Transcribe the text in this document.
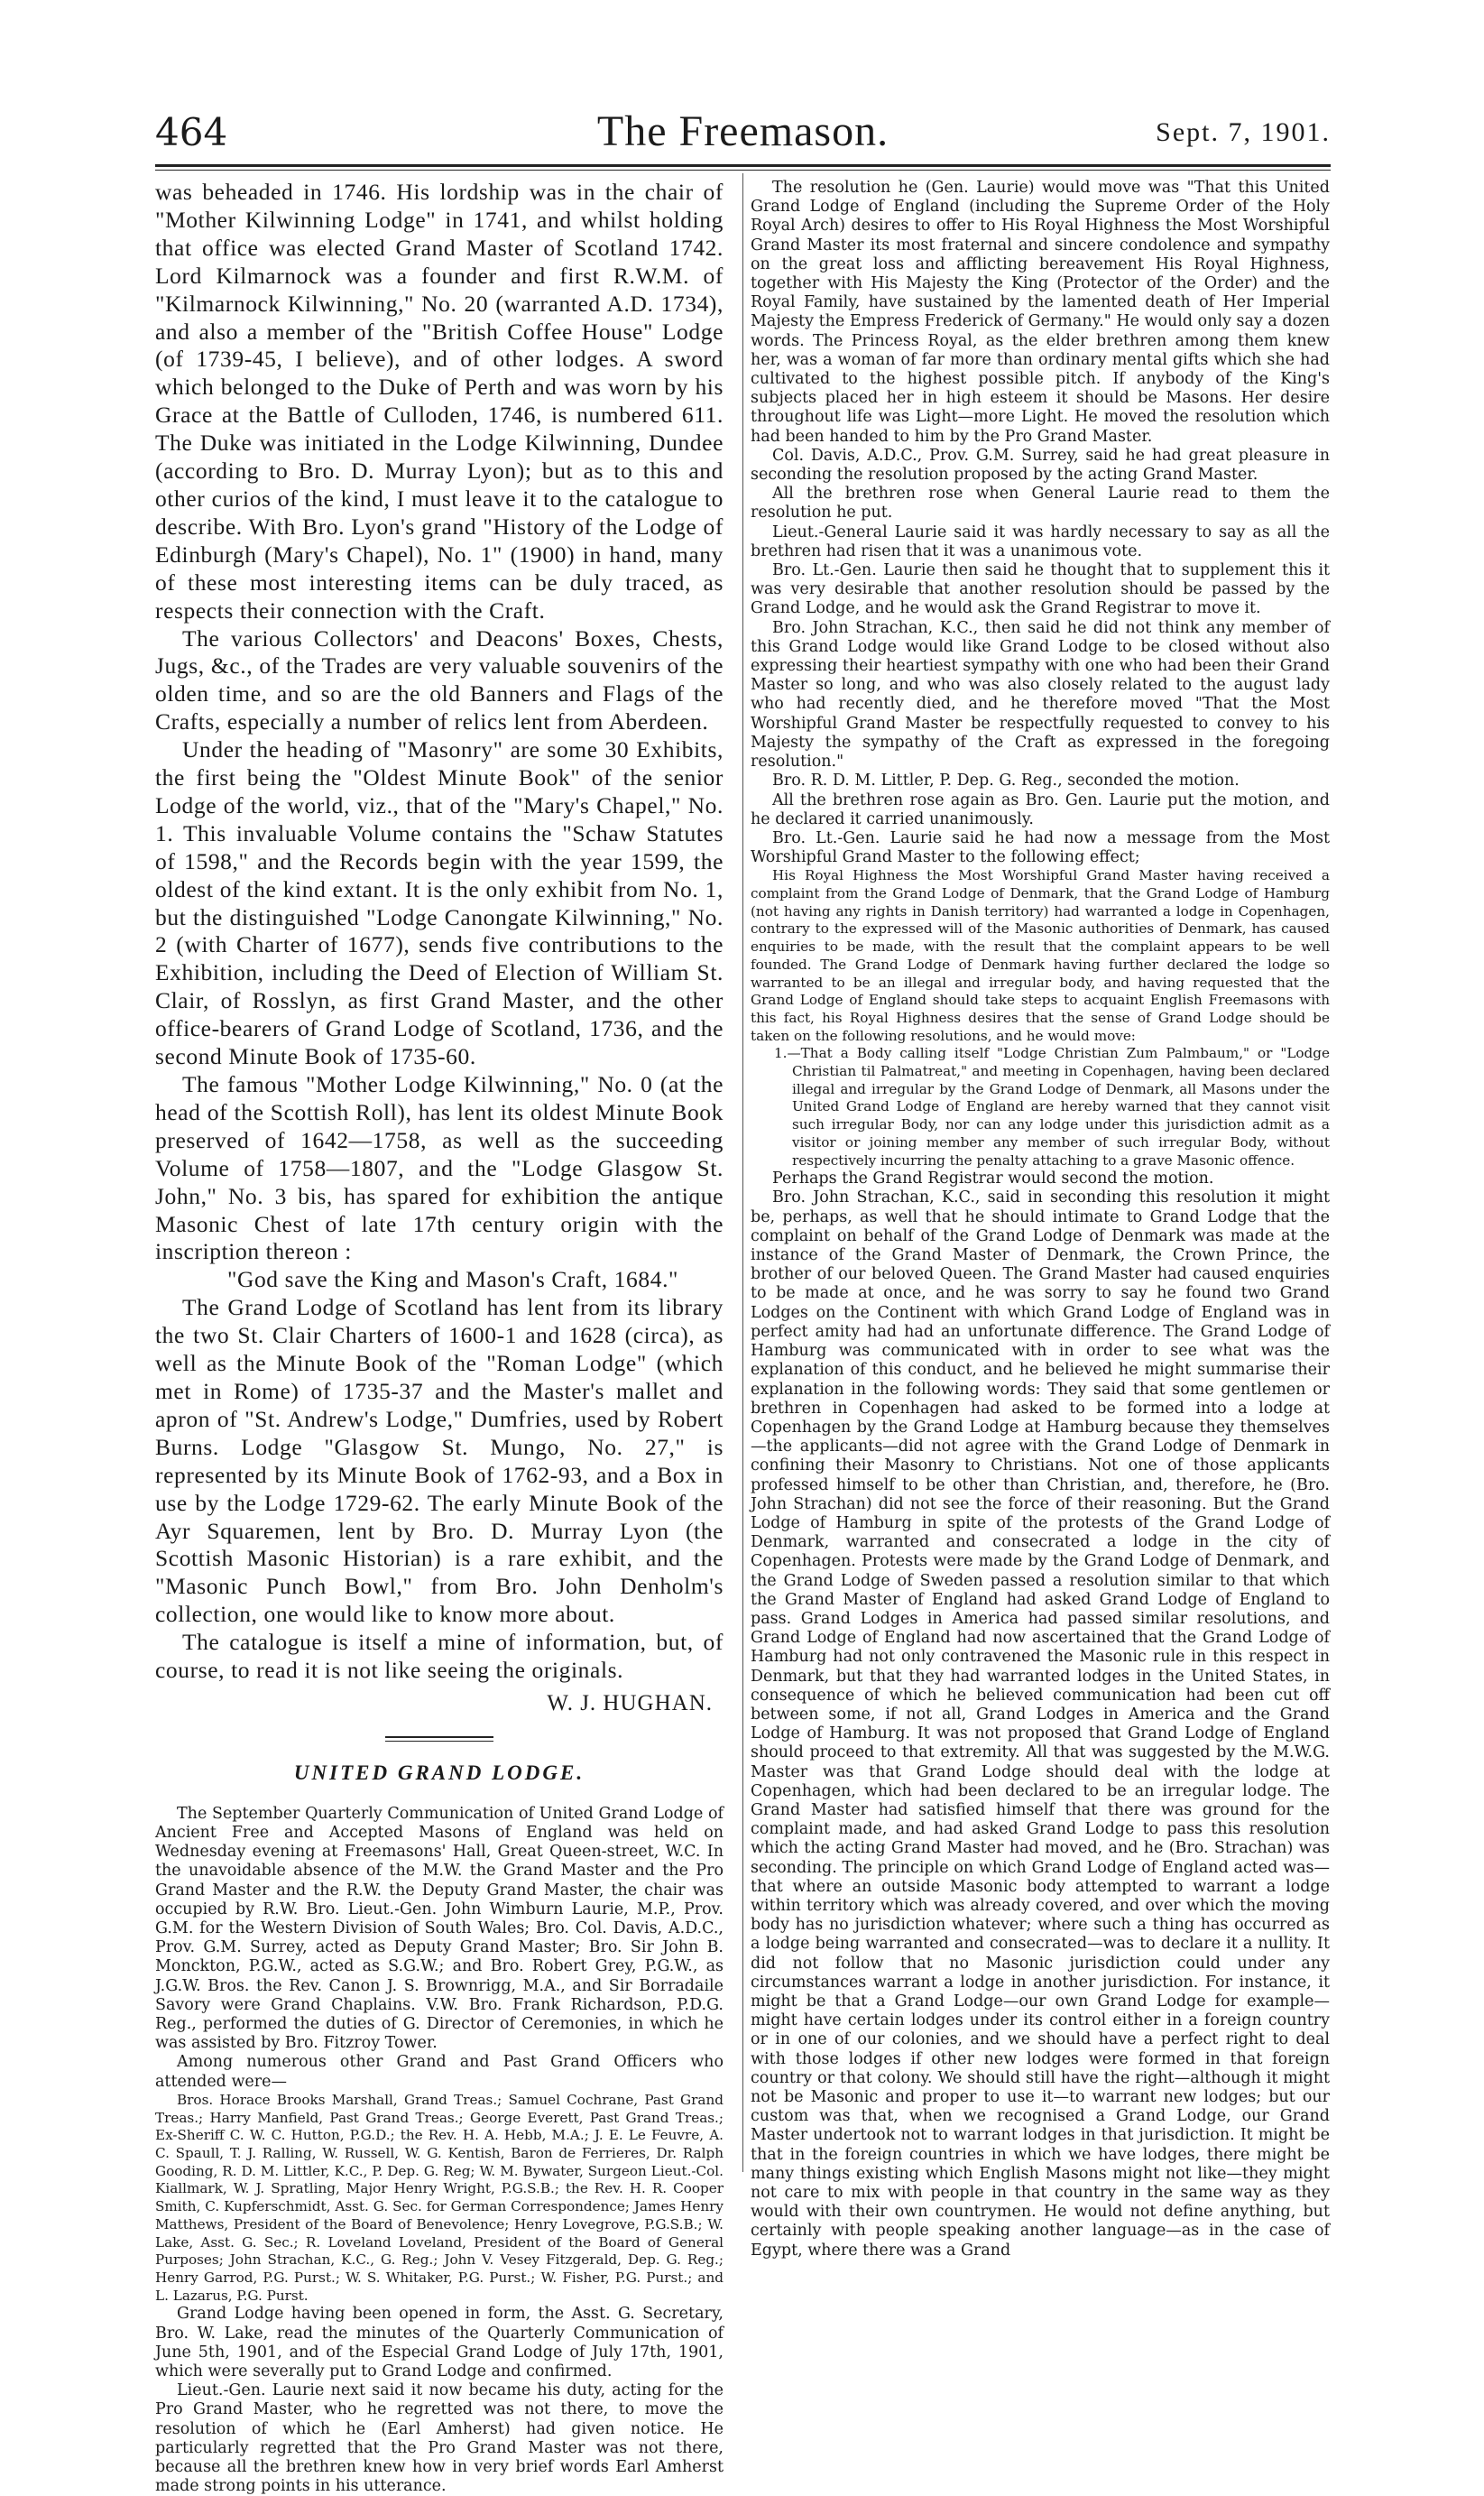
464	The Freemason.	Sept. 7, 1901.

was beheaded in 1746. His lordship was in the chair of "Mother Kilwinning Lodge" in 1741, and whilst holding that office was elected Grand Master of Scotland 1742. Lord Kilmarnock was a founder and first R.W.M. of "Kilmarnock Kilwinning," No. 20 (warranted A.D. 1734), and also a member of the "British Coffee House" Lodge (of 1739-45, I believe), and of other lodges. A sword which belonged to the Duke of Perth and was worn by his Grace at the Battle of Culloden, 1746, is numbered 611. The Duke was initiated in the Lodge Kilwinning, Dundee (according to Bro. D. Murray Lyon); but as to this and other curios of the kind, I must leave it to the catalogue to describe. With Bro. Lyon's grand "History of the Lodge of Edinburgh (Mary's Chapel), No. 1" (1900) in hand, many of these most interesting items can be duly traced, as respects their connection with the Craft.

The various Collectors' and Deacons' Boxes, Chests, Jugs, &c., of the Trades are very valuable souvenirs of the olden time, and so are the old Banners and Flags of the Crafts, especially a number of relics lent from Aberdeen.

Under the heading of "Masonry" are some 30 Exhibits, the first being the "Oldest Minute Book" of the senior Lodge of the world, viz., that of the "Mary's Chapel," No. 1. This invaluable Volume contains the "Schaw Statutes of 1598," and the Records begin with the year 1599, the oldest of the kind extant. It is the only exhibit from No. 1, but the distinguished "Lodge Canongate Kilwinning," No. 2 (with Charter of 1677), sends five contributions to the Exhibition, including the Deed of Election of William St. Clair, of Rosslyn, as first Grand Master, and the other office-bearers of Grand Lodge of Scotland, 1736, and the second Minute Book of 1735-60.

The famous "Mother Lodge Kilwinning," No. 0 (at the head of the Scottish Roll), has lent its oldest Minute Book preserved of 1642—1758, as well as the succeeding Volume of 1758—1807, and the "Lodge Glasgow St. John," No. 3 bis, has spared for exhibition the antique Masonic Chest of late 17th century origin with the inscription thereon :

"God save the King and Mason's Craft, 1684."

The Grand Lodge of Scotland has lent from its library the two St. Clair Charters of 1600-1 and 1628 (circa), as well as the Minute Book of the "Roman Lodge" (which met in Rome) of 1735-37 and the Master's mallet and apron of "St. Andrew's Lodge," Dumfries, used by Robert Burns. Lodge "Glasgow St. Mungo, No. 27," is represented by its Minute Book of 1762-93, and a Box in use by the Lodge 1729-62. The early Minute Book of the Ayr Squaremen, lent by Bro. D. Murray Lyon (the Scottish Masonic Historian) is a rare exhibit, and the "Masonic Punch Bowl," from Bro. John Denholm's collection, one would like to know more about.

The catalogue is itself a mine of information, but, of course, to read it is not like seeing the originals.

W. J. HUGHAN.

UNITED GRAND LODGE.

The September Quarterly Communication of United Grand Lodge of Ancient Free and Accepted Masons of England was held on Wednesday evening at Freemasons' Hall, Great Queen-street, W.C. In the unavoidable absence of the M.W. the Grand Master and the Pro Grand Master and the R.W. the Deputy Grand Master, the chair was occupied by R.W. Bro. Lieut.-Gen. John Wimburn Laurie, M.P., Prov. G.M. for the Western Division of South Wales; Bro. Col. Davis, A.D.C., Prov. G.M. Surrey, acted as Deputy Grand Master; Bro. Sir John B. Monckton, P.G.W., acted as S.G.W.; and Bro. Robert Grey, P.G.W., as J.G.W. Bros. the Rev. Canon J. S. Brownrigg, M.A., and Sir Borradaile Savory were Grand Chaplains. V.W. Bro. Frank Richardson, P.D.G. Reg., performed the duties of G. Director of Ceremonies, in which he was assisted by Bro. Fitzroy Tower.

Among numerous other Grand and Past Grand Officers who attended were—

Bros. Horace Brooks Marshall, Grand Treas.; Samuel Cochrane, Past Grand Treas.; Harry Manfield, Past Grand Treas.; George Everett, Past Grand Treas.; Ex-Sheriff C. W. C. Hutton, P.G.D.; the Rev. H. A. Hebb, M.A.; J. E. Le Feuvre, A. C. Spaull, T. J. Ralling, W. Russell, W. G. Kentish, Baron de Ferrieres, Dr. Ralph Gooding, R. D. M. Littler, K.C., P. Dep. G. Reg; W. M. Bywater, Surgeon Lieut.-Col. Kiallmark, W. J. Spratling, Major Henry Wright, P.G.S.B.; the Rev. H. R. Cooper Smith, C. Kupferschmidt, Asst. G. Sec. for German Correspondence; James Henry Matthews, President of the Board of Benevolence; Henry Lovegrove, P.G.S.B.; W. Lake, Asst. G. Sec.; R. Loveland Loveland, President of the Board of General Purposes; John Strachan, K.C., G. Reg.; John V. Vesey Fitzgerald, Dep. G. Reg.; Henry Garrod, P.G. Purst.; W. S. Whitaker, P.G. Purst.; W. Fisher, P.G. Purst.; and L. Lazarus, P.G. Purst.

Grand Lodge having been opened in form, the Asst. G. Secretary, Bro. W. Lake, read the minutes of the Quarterly Communication of June 5th, 1901, and of the Especial Grand Lodge of July 17th, 1901, which were severally put to Grand Lodge and confirmed.

Lieut.-Gen. Laurie next said it now became his duty, acting for the Pro Grand Master, who he regretted was not there, to move the resolution of which he (Earl Amherst) had given notice. He particularly regretted that the Pro Grand Master was not there, because all the brethren knew how in very brief words Earl Amherst made strong points in his utterance.

The resolution he (Gen. Laurie) would move was "That this United Grand Lodge of England (including the Supreme Order of the Holy Royal Arch) desires to offer to His Royal Highness the Most Worshipful Grand Master its most fraternal and sincere condolence and sympathy on the great loss and afflicting bereavement His Royal Highness, together with His Majesty the King (Protector of the Order) and the Royal Family, have sustained by the lamented death of Her Imperial Majesty the Empress Frederick of Germany." He would only say a dozen words. The Princess Royal, as the elder brethren among them knew her, was a woman of far more than ordinary mental gifts which she had cultivated to the highest possible pitch. If anybody of the King's subjects placed her in high esteem it should be Masons. Her desire throughout life was Light—more Light. He moved the resolution which had been handed to him by the Pro Grand Master.

Col. Davis, A.D.C., Prov. G.M. Surrey, said he had great pleasure in seconding the resolution proposed by the acting Grand Master.

All the brethren rose when General Laurie read to them the resolution he put.

Lieut.-General Laurie said it was hardly necessary to say as all the brethren had risen that it was a unanimous vote.

Bro. Lt.-Gen. Laurie then said he thought that to supplement this it was very desirable that another resolution should be passed by the Grand Lodge, and he would ask the Grand Registrar to move it.

Bro. John Strachan, K.C., then said he did not think any member of this Grand Lodge would like Grand Lodge to be closed without also expressing their heartiest sympathy with one who had been their Grand Master so long, and who was also closely related to the august lady who had recently died, and he therefore moved "That the Most Worshipful Grand Master be respectfully requested to convey to his Majesty the sympathy of the Craft as expressed in the foregoing resolution."

Bro. R. D. M. Littler, P. Dep. G. Reg., seconded the motion.

All the brethren rose again as Bro. Gen. Laurie put the motion, and he declared it carried unanimously.

Bro. Lt.-Gen. Laurie said he had now a message from the Most Worshipful Grand Master to the following effect;

His Royal Highness the Most Worshipful Grand Master having received a complaint from the Grand Lodge of Denmark, that the Grand Lodge of Hamburg (not having any rights in Danish territory) had warranted a lodge in Copenhagen, contrary to the expressed will of the Masonic authorities of Denmark, has caused enquiries to be made, with the result that the complaint appears to be well founded. The Grand Lodge of Denmark having further declared the lodge so warranted to be an illegal and irregular body, and having requested that the Grand Lodge of England should take steps to acquaint English Freemasons with this fact, his Royal Highness desires that the sense of Grand Lodge should be taken on the following resolutions, and he would move:

1.—That a Body calling itself "Lodge Christian Zum Palmbaum," or "Lodge Christian til Palmatreat," and meeting in Copenhagen, having been declared illegal and irregular by the Grand Lodge of Denmark, all Masons under the United Grand Lodge of England are hereby warned that they cannot visit such irregular Body, nor can any lodge under this jurisdiction admit as a visitor or joining member any member of such irregular Body, without respectively incurring the penalty attaching to a grave Masonic offence.

Perhaps the Grand Registrar would second the motion.

Bro. John Strachan, K.C., said in seconding this resolution it might be, perhaps, as well that he should intimate to Grand Lodge that the complaint on behalf of the Grand Lodge of Denmark was made at the instance of the Grand Master of Denmark, the Crown Prince, the brother of our beloved Queen. The Grand Master had caused enquiries to be made at once, and he was sorry to say he found two Grand Lodges on the Continent with which Grand Lodge of England was in perfect amity had had an unfortunate difference. The Grand Lodge of Hamburg was communicated with in order to see what was the explanation of this conduct, and he believed he might summarise their explanation in the following words: They said that some gentlemen or brethren in Copenhagen had asked to be formed into a lodge at Copenhagen by the Grand Lodge at Hamburg because they themselves—the applicants—did not agree with the Grand Lodge of Denmark in confining their Masonry to Christians. Not one of those applicants professed himself to be other than Christian, and, therefore, he (Bro. John Strachan) did not see the force of their reasoning. But the Grand Lodge of Hamburg in spite of the protests of the Grand Lodge of Denmark, warranted and consecrated a lodge in the city of Copenhagen. Protests were made by the Grand Lodge of Denmark, and the Grand Lodge of Sweden passed a resolution similar to that which the Grand Master of England had asked Grand Lodge of England to pass. Grand Lodges in America had passed similar resolutions, and Grand Lodge of England had now ascertained that the Grand Lodge of Hamburg had not only contravened the Masonic rule in this respect in Denmark, but that they had warranted lodges in the United States, in consequence of which he believed communication had been cut off between some, if not all, Grand Lodges in America and the Grand Lodge of Hamburg. It was not proposed that Grand Lodge of England should proceed to that extremity. All that was suggested by the M.W.G. Master was that Grand Lodge should deal with the lodge at Copenhagen, which had been declared to be an irregular lodge. The Grand Master had satisfied himself that there was ground for the complaint made, and had asked Grand Lodge to pass this resolution which the acting Grand Master had moved, and he (Bro. Strachan) was seconding. The principle on which Grand Lodge of England acted was—that where an outside Masonic body attempted to warrant a lodge within territory which was already covered, and over which the moving body has no jurisdiction whatever; where such a thing has occurred as a lodge being warranted and consecrated—was to declare it a nullity. It did not follow that no Masonic jurisdiction could under any circumstances warrant a lodge in another jurisdiction. For instance, it might be that a Grand Lodge—our own Grand Lodge for example—might have certain lodges under its control either in a foreign country or in one of our colonies, and we should have a perfect right to deal with those lodges if other new lodges were formed in that foreign country or that colony. We should still have the right—although it might not be Masonic and proper to use it—to warrant new lodges; but our custom was that, when we recognised a Grand Lodge, our Grand Master undertook not to warrant lodges in that jurisdiction. It might be that in the foreign countries in which we have lodges, there might be many things existing which English Masons might not like—they might not care to mix with people in that country in the same way as they would with their own countrymen. He would not define anything, but certainly with people speaking another language—as in the case of Egypt, where there was a Grand
